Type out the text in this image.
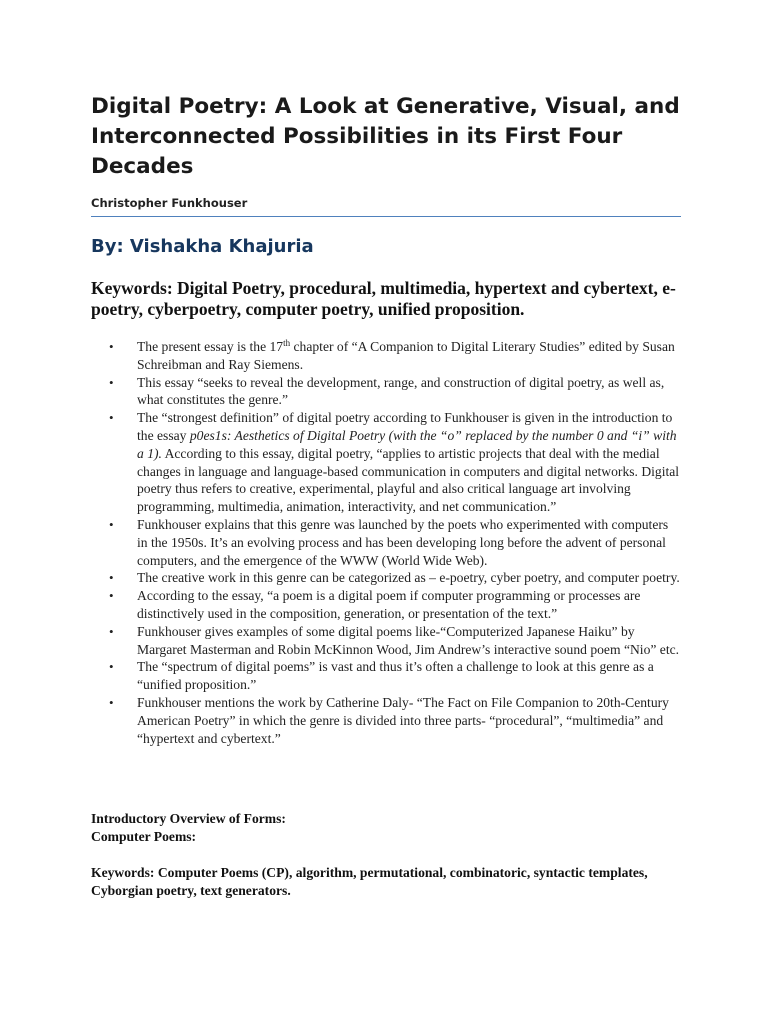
Digital Poetry: A Look at Generative, Visual, and Interconnected Possibilities in its First Four Decades

Christopher Funkhouser

By: Vishakha Khajuria

Keywords: Digital Poetry, procedural, multimedia, hypertext and cybertext, e-poetry, cyberpoetry, computer poetry, unified proposition.

• The present essay is the 17th chapter of “A Companion to Digital Literary Studies” edited by Susan Schreibman and Ray Siemens.
• This essay “seeks to reveal the development, range, and construction of digital poetry, as well as, what constitutes the genre.”
• The “strongest definition” of digital poetry according to Funkhouser is given in the introduction to the essay p0es1s: Aesthetics of Digital Poetry (with the “o” replaced by the number 0 and “i” with a 1). According to this essay, digital poetry, “applies to artistic projects that deal with the medial changes in language and language-based communication in computers and digital networks. Digital poetry thus refers to creative, experimental, playful and also critical language art involving programming, multimedia, animation, interactivity, and net communication.”
• Funkhouser explains that this genre was launched by the poets who experimented with computers in the 1950s. It’s an evolving process and has been developing long before the advent of personal computers, and the emergence of the WWW (World Wide Web).
• The creative work in this genre can be categorized as – e-poetry, cyber poetry, and computer poetry.
• According to the essay, “a poem is a digital poem if computer programming or processes are distinctively used in the composition, generation, or presentation of the text.”
• Funkhouser gives examples of some digital poems like-“Computerized Japanese Haiku” by Margaret Masterman and Robin McKinnon Wood, Jim Andrew’s interactive sound poem “Nio” etc.
• The “spectrum of digital poems” is vast and thus it’s often a challenge to look at this genre as a “unified proposition.”
• Funkhouser mentions the work by Catherine Daly- “The Fact on File Companion to 20th-Century American Poetry” in which the genre is divided into three parts- “procedural”, “multimedia” and “hypertext and cybertext.”
Introductory Overview of Forms:
Computer Poems:

Keywords: Computer Poems (CP), algorithm, permutational, combinatoric, syntactic templates, Cyborgian poetry, text generators.
